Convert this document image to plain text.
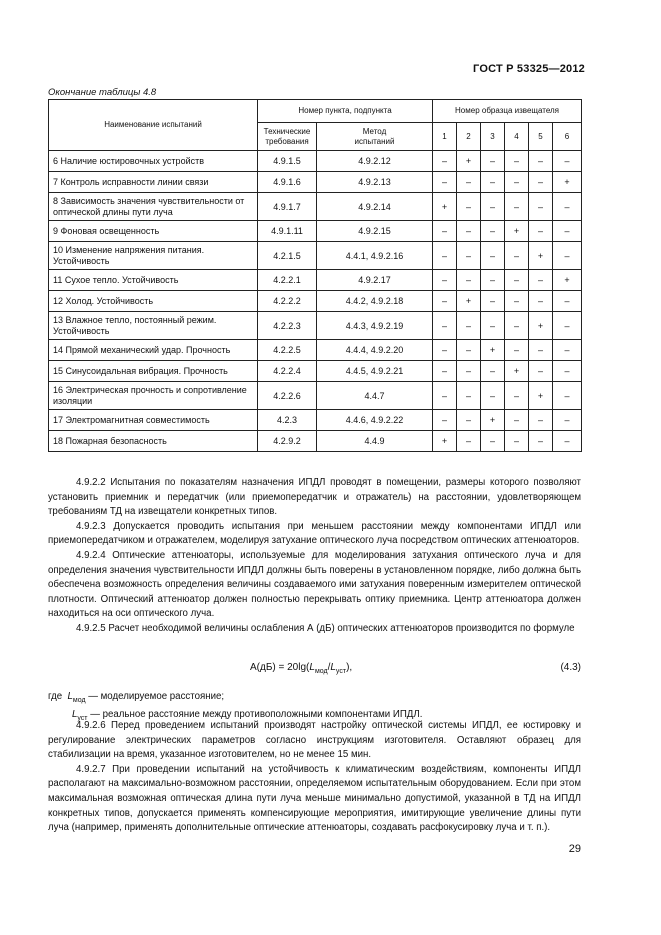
ГОСТ Р 53325—2012
Окончание таблицы 4.8
Наименование испытаний	Номер пункта, подпункта		Номер образца извещателя					
	Технические требования	Метод испытаний	1	2	3	4	5	6
6 Наличие юстировочных устройств	4.9.1.5	4.9.2.12	–	+	–	–	–	–
7 Контроль исправности линии связи	4.9.1.6	4.9.2.13	–	–	–	–	–	+
8 Зависимость значения чувствительности от оптической длины пути луча	4.9.1.7	4.9.2.14	+	–	–	–	–	–
9 Фоновая освещенность	4.9.1.11	4.9.2.15	–	–	–	+	–	–
10 Изменение напряжения питания. Устойчивость	4.2.1.5	4.4.1, 4.9.2.16	–	–	–	–	+	–
11 Сухое тепло. Устойчивость	4.2.2.1	4.9.2.17	–	–	–	–	–	+
12 Холод. Устойчивость	4.2.2.2	4.4.2, 4.9.2.18	–	+	–	–	–	–
13 Влажное тепло, постоянный режим. Устойчивость	4.2.2.3	4.4.3, 4.9.2.19	–	–	–	–	+	–
14 Прямой механический удар. Прочность	4.2.2.5	4.4.4, 4.9.2.20	–	–	+	–	–	–
15 Синусоидальная вибрация. Прочность	4.2.2.4	4.4.5, 4.9.2.21	–	–	–	+	–	–
16 Электрическая прочность и сопротивление изоляции	4.2.2.6	4.4.7	–	–	–	–	+	–
17 Электромагнитная совместимость	4.2.3	4.4.6, 4.9.2.22	–	–	+	–	–	–
18 Пожарная безопасность	4.2.9.2	4.4.9	+	–	–	–	–	–

4.9.2.2 Испытания по показателям назначения ИПДЛ проводят в помещении, размеры которого позволяют установить приемник и передатчик (или приемопередатчик и отражатель) на расстоянии, удовлетворяющем требованиям ТД на извещатели конкретных типов.

4.9.2.3 Допускается проводить испытания при меньшем расстоянии между компонентами ИПДЛ или приемопередатчиком и отражателем, моделируя затухание оптического луча посредством оптических аттенюаторов.

4.9.2.4 Оптические аттенюаторы, используемые для моделирования затухания оптического луча и для определения значения чувствительности ИПДЛ должны быть поверены в установленном порядке, либо должна быть обеспечена возможность определения величины создаваемого ими затухания поверенным измерителем оптической плотности. Оптический аттенюатор должен полностью перекрывать оптику приемника. Центр аттенюатора должен находиться на оси оптического луча.

4.9.2.5 Расчет необходимой величины ослабления А (дБ) оптических аттенюаторов производится по формуле

$A(дБ) = 20\lg(L_{мод}/L_{уст})$,	(4.3)
где $L_{мод}$ — моделируемое расстояние;
$L_{уст}$ — реальное расстояние между противоположными компонентами ИПДЛ.

4.9.2.6 Перед проведением испытаний производят настройку оптической системы ИПДЛ, ее юстировку и регулирование электрических параметров согласно инструкциям изготовителя. Оставляют образец для стабилизации на время, указанное изготовителем, но не менее 15 мин.

4.9.2.7 При проведении испытаний на устойчивость к климатическим воздействиям, компоненты ИПДЛ располагают на максимально-возможном расстоянии, определяемом испытательным оборудованием. Если при этом максимальная возможная оптическая длина пути луча меньше минимально допустимой, указанной в ТД на ИПДЛ конкретных типов, допускается применять компенсирующие мероприятия, имитирующие увеличение длины пути луча (например, применять дополнительные оптические аттенюаторы, создавать расфокусировку луча и т. п.).

29
